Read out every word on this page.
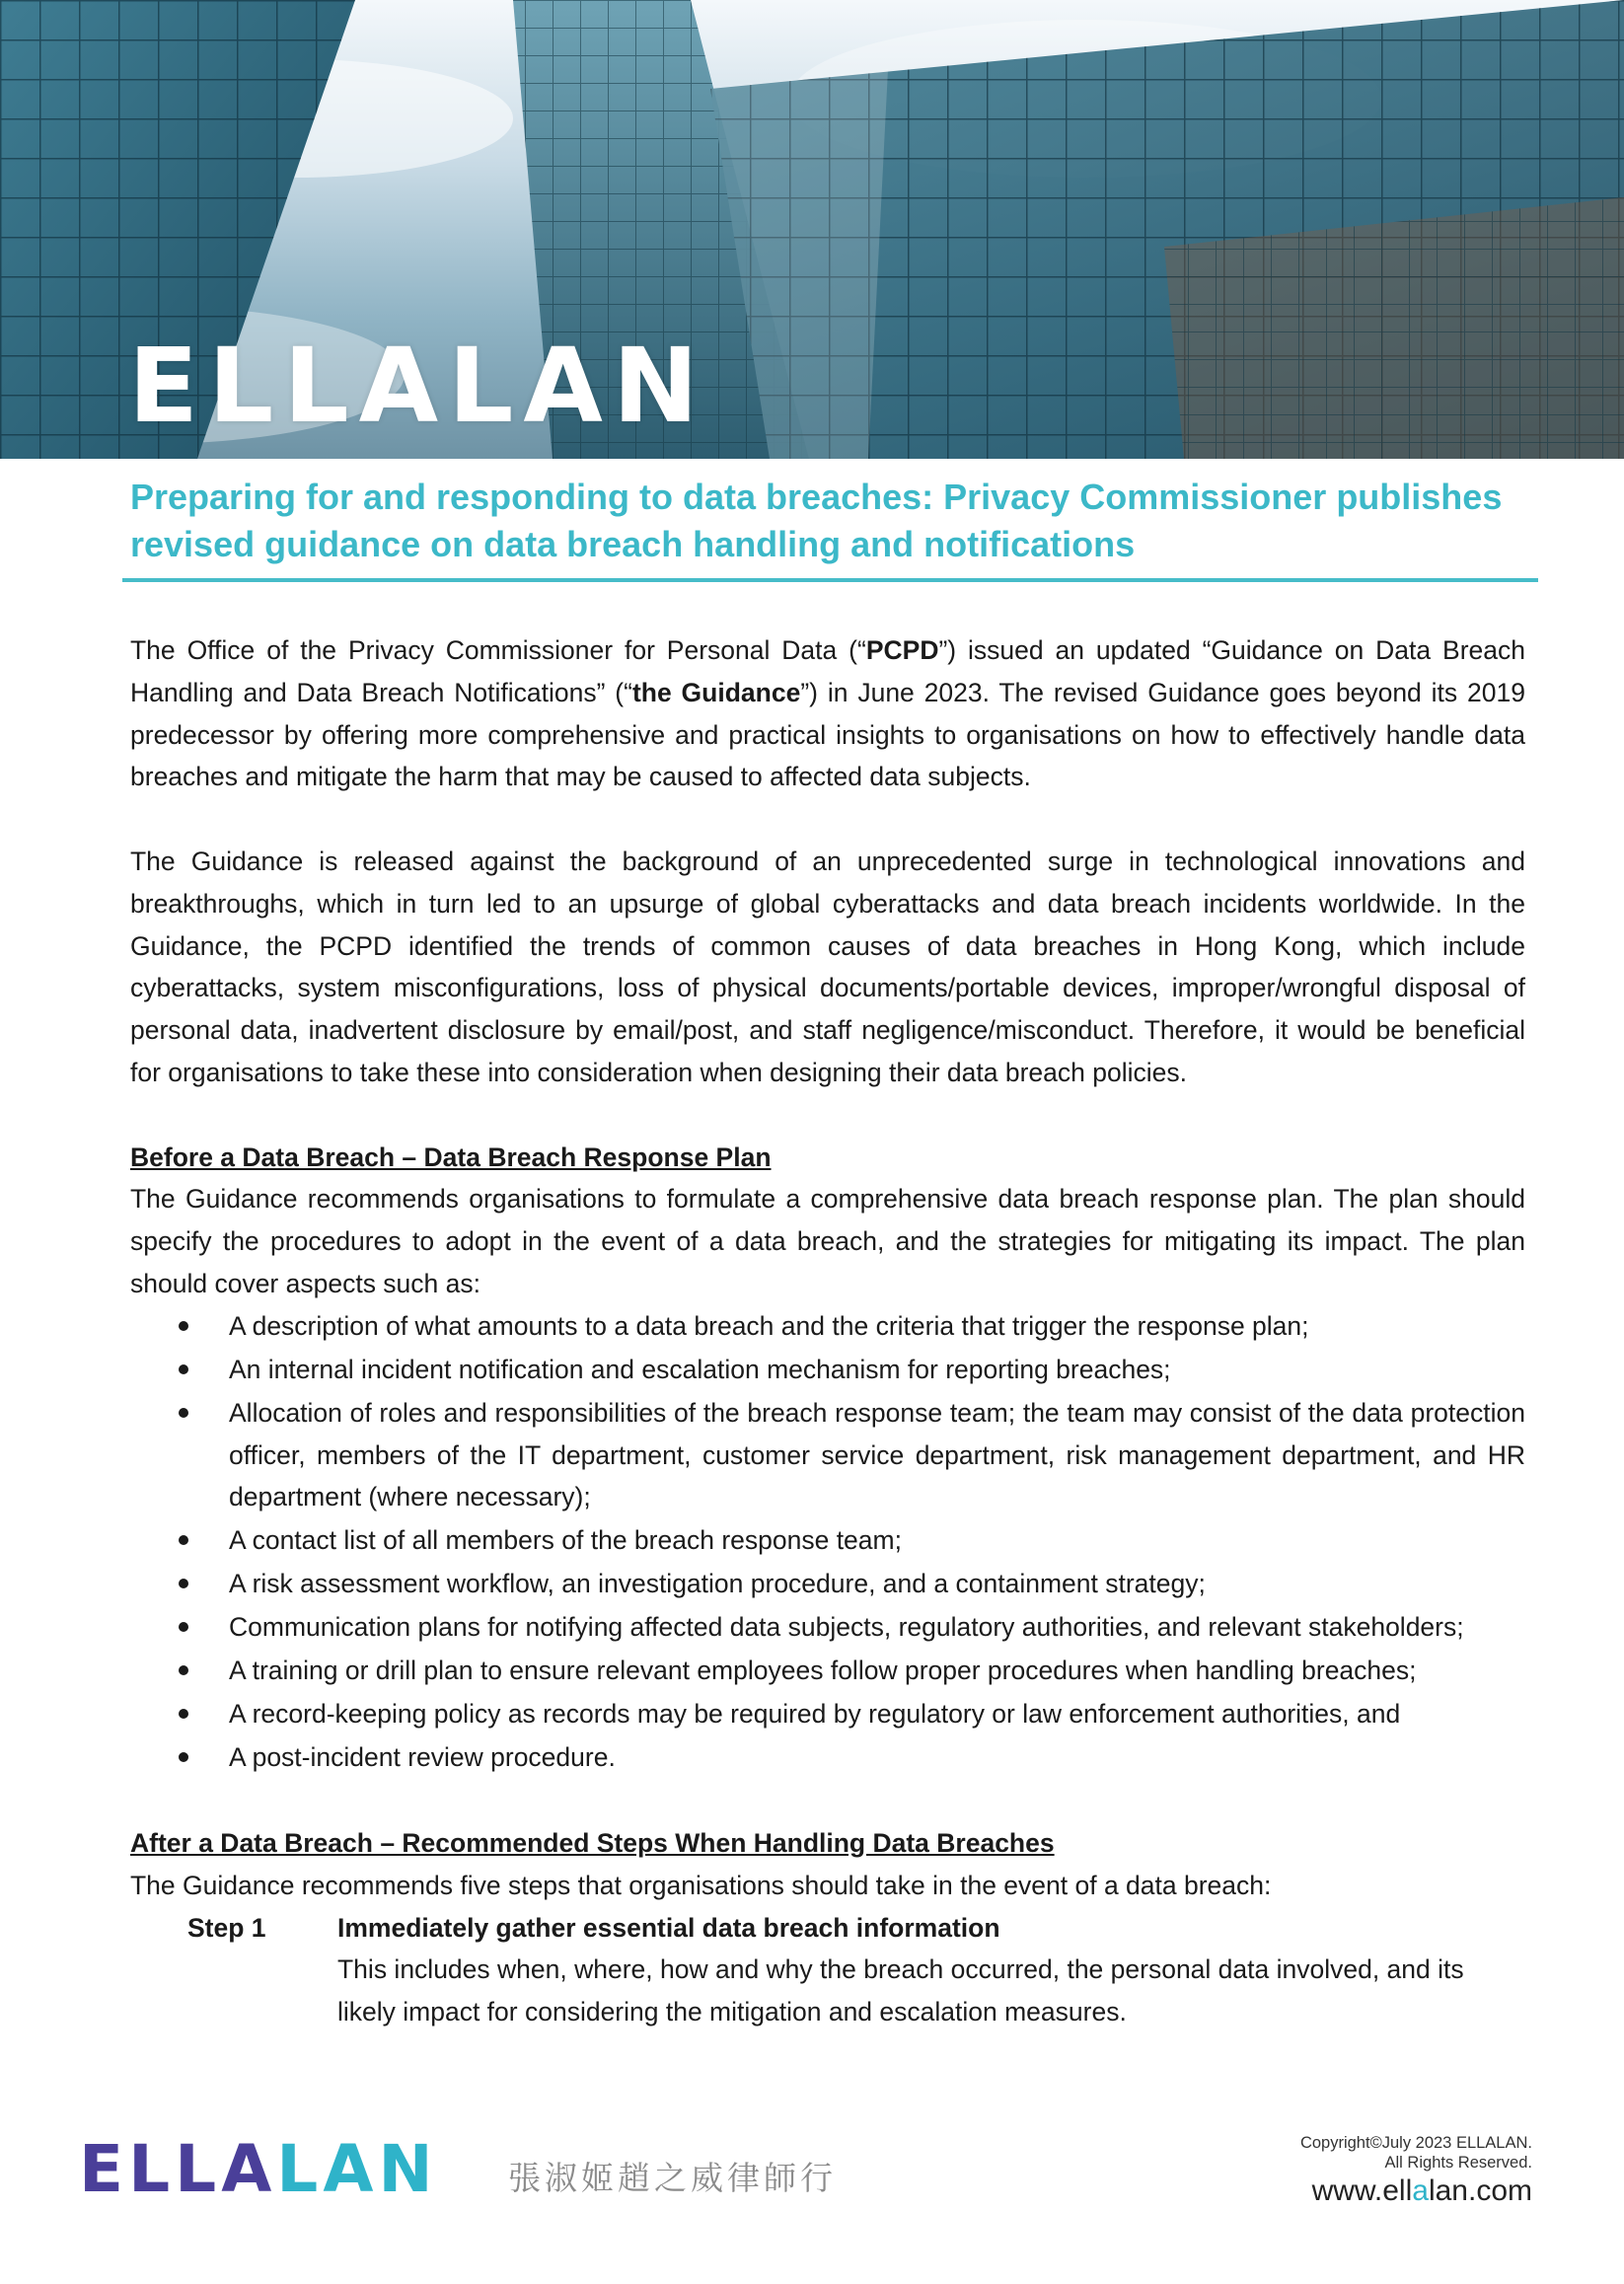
ELLALAN
Preparing for and responding to data breaches: Privacy Commissioner publishes revised guidance on data breach handling and notifications

The Office of the Privacy Commissioner for Personal Data (“PCPD”) issued an updated “Guidance on Data Breach Handling and Data Breach Notifications” (“the Guidance”) in June 2023. The revised Guidance goes beyond its 2019 predecessor by offering more comprehensive and practical insights to organisations on how to effectively handle data breaches and mitigate the harm that may be caused to affected data subjects.

The Guidance is released against the background of an unprecedented surge in technological innovations and breakthroughs, which in turn led to an upsurge of global cyberattacks and data breach incidents worldwide. In the Guidance, the PCPD identified the trends of common causes of data breaches in Hong Kong, which include cyberattacks, system misconfigurations, loss of physical documents/portable devices, improper/wrongful disposal of personal data, inadvertent disclosure by email/post, and staff negligence/misconduct. Therefore, it would be beneficial for organisations to take these into consideration when designing their data breach policies.

Before a Data Breach – Data Breach Response Plan

The Guidance recommends organisations to formulate a comprehensive data breach response plan. The plan should specify the procedures to adopt in the event of a data breach, and the strategies for mitigating its impact. The plan should cover aspects such as:

A description of what amounts to a data breach and the criteria that trigger the response plan;
An internal incident notification and escalation mechanism for reporting breaches;
Allocation of roles and responsibilities of the breach response team; the team may consist of the data protection officer, members of the IT department, customer service department, risk management department, and HR department (where necessary);
A contact list of all members of the breach response team;
A risk assessment workflow, an investigation procedure, and a containment strategy;
Communication plans for notifying affected data subjects, regulatory authorities, and relevant stakeholders;
A training or drill plan to ensure relevant employees follow proper procedures when handling breaches;
A record-keeping policy as records may be required by regulatory or law enforcement authorities, and
A post-incident review procedure.
After a Data Breach – Recommended Steps When Handling Data Breaches

The Guidance recommends five steps that organisations should take in the event of a data breach:

Step 1	Immediately gather essential data breach information
This includes when, where, how and why the breach occurred, the personal data involved, and its likely impact for considering the mitigation and escalation measures.
ELLALAN 張淑姬趙之威律師行
Copyright©July 2023 ELLALAN.
All Rights Reserved.
www.ellalan.com
